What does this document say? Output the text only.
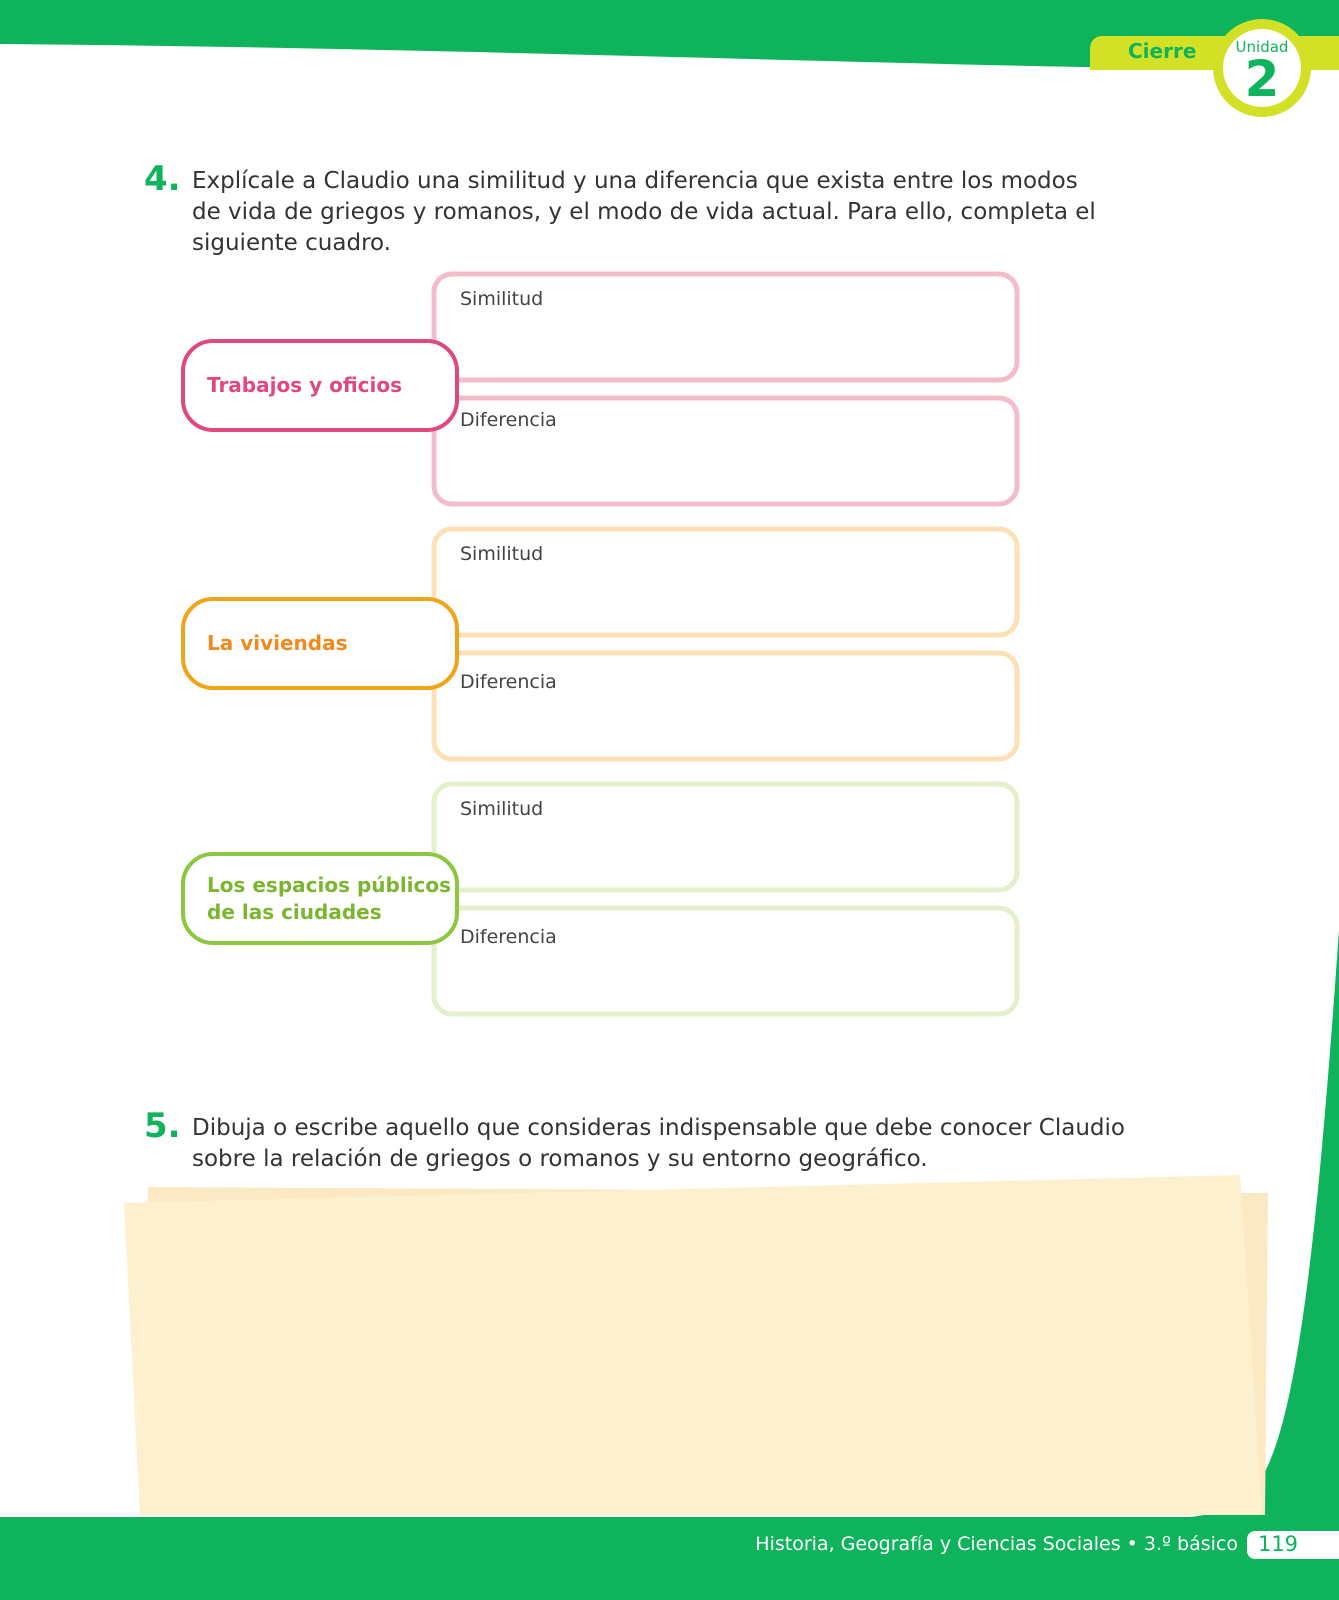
Cierre	Unidad
2
4. Explícale a Claudio una similitud y una diferencia que exista entre los modos
de vida de griegos y romanos, y el modo de vida actual. Para ello, completa el
siguiente cuadro.
Similitud
Diferencia
Similitud
Diferencia
Similitud
Diferencia
Trabajos y oficios
La viviendas
Los espacios públicos
de las ciudades
5. Dibuja o escribe aquello que consideras indispensable que debe conocer Claudio
sobre la relación de griegos o romanos y su entorno geográfico.
Historia, Geografía y Ciencias Sociales • 3.º básico 119
